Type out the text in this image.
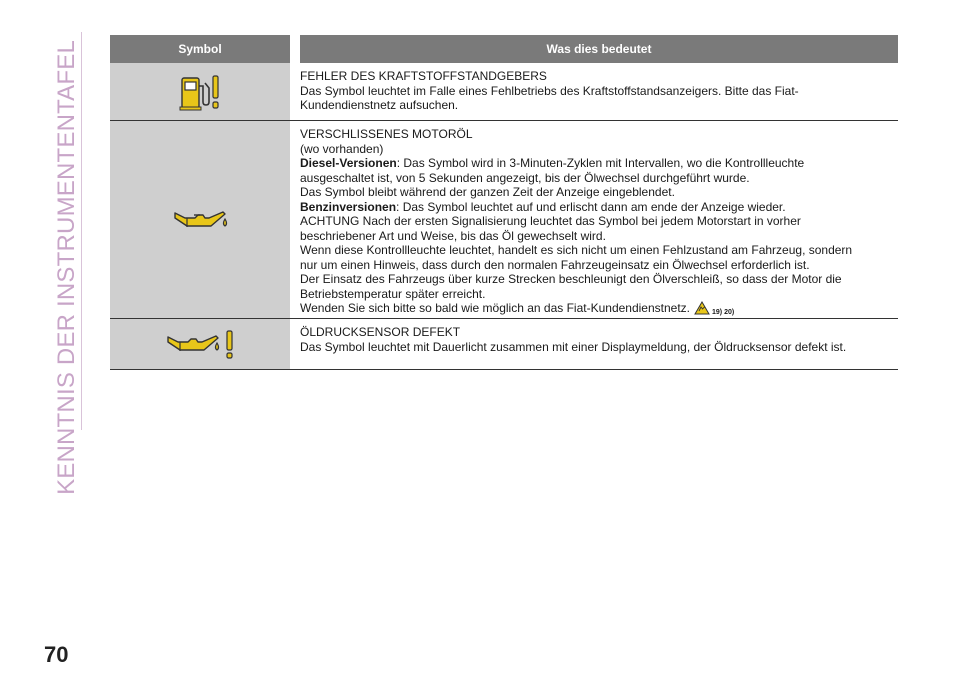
KENNTNIS DER INSTRUMENTENTAFEL	Symbol	Was dies bedeutet
FEHLER DES KRAFTSTOFFSTANDGEBERS
Das Symbol leuchtet im Falle eines Fehlbetriebs des Kraftstoffstandsanzeigers. Bitte das Fiat-
Kundendienstnetz aufsuchen.
VERSCHLISSENES MOTORÖL
(wo vorhanden)
Diesel-Versionen: Das Symbol wird in 3-Minuten-Zyklen mit Intervallen, wo die Kontrollleuchte
ausgeschaltet ist, von 5 Sekunden angezeigt, bis der Ölwechsel durchgeführt wurde.
Das Symbol bleibt während der ganzen Zeit der Anzeige eingeblendet.
Benzinversionen: Das Symbol leuchtet auf und erlischt dann am ende der Anzeige wieder.
ACHTUNG Nach der ersten Signalisierung leuchtet das Symbol bei jedem Motorstart in vorher
beschriebener Art und Weise, bis das Öl gewechselt wird.
Wenn diese Kontrollleuchte leuchtet, handelt es sich nicht um einen Fehlzustand am Fahrzeug, sondern
nur um einen Hinweis, dass durch den normalen Fahrzeugeinsatz ein Ölwechsel erforderlich ist.
Der Einsatz des Fahrzeugs über kurze Strecken beschleunigt den Ölverschleiß, so dass der Motor die
Betriebstemperatur später erreicht.
Wenden Sie sich bitte so bald wie möglich an das Fiat-Kundendienstnetz.	19) 20)
ÖLDRUCKSENSOR DEFEKT
Das Symbol leuchtet mit Dauerlicht zusammen mit einer Displaymeldung, der Öldrucksensor defekt ist.
70
